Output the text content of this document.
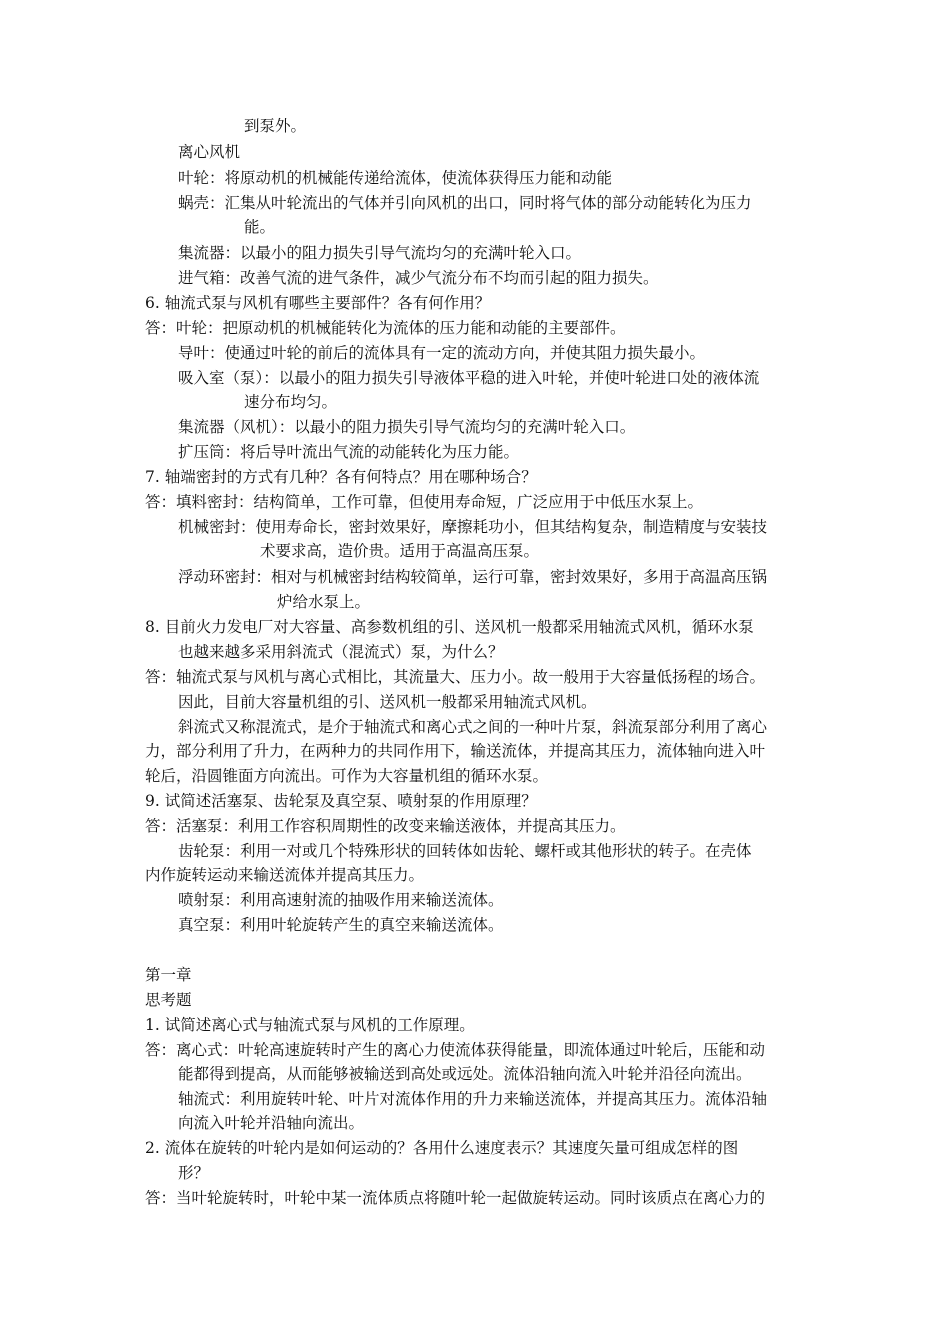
到泵外。
离心风机
叶轮：将原动机的机械能传递给流体，使流体获得压力能和动能
蜗壳：汇集从叶轮流出的气体并引向风机的出口，同时将气体的部分动能转化为压力
能。
集流器：以最小的阻力损失引导气流均匀的充满叶轮入口。
进气箱：改善气流的进气条件，减少气流分布不均而引起的阻力损失。
6. 轴流式泵与风机有哪些主要部件？各有何作用？
答：叶轮：把原动机的机械能转化为流体的压力能和动能的主要部件。
导叶：使通过叶轮的前后的流体具有一定的流动方向，并使其阻力损失最小。
吸入室（泵）：以最小的阻力损失引导液体平稳的进入叶轮，并使叶轮进口处的液体流
速分布均匀。
集流器（风机）：以最小的阻力损失引导气流均匀的充满叶轮入口。
扩压筒：将后导叶流出气流的动能转化为压力能。
7. 轴端密封的方式有几种？各有何特点？用在哪种场合？
答：填料密封：结构简单，工作可靠，但使用寿命短，广泛应用于中低压水泵上。
机械密封：使用寿命长，密封效果好，摩擦耗功小，但其结构复杂，制造精度与安装技
术要求高，造价贵。适用于高温高压泵。
浮动环密封：相对与机械密封结构较简单，运行可靠，密封效果好，多用于高温高压锅
炉给水泵上。
8. 目前火力发电厂对大容量、高参数机组的引、送风机一般都采用轴流式风机，循环水泵
也越来越多采用斜流式（混流式）泵，为什么？
答：轴流式泵与风机与离心式相比，其流量大、压力小。故一般用于大容量低扬程的场合。
因此，目前大容量机组的引、送风机一般都采用轴流式风机。
斜流式又称混流式，是介于轴流式和离心式之间的一种叶片泵，斜流泵部分利用了离心
力，部分利用了升力，在两种力的共同作用下，输送流体，并提高其压力，流体轴向进入叶
轮后，沿圆锥面方向流出。可作为大容量机组的循环水泵。
9. 试简述活塞泵、齿轮泵及真空泵、喷射泵的作用原理？
答：活塞泵：利用工作容积周期性的改变来输送液体，并提高其压力。
齿轮泵：利用一对或几个特殊形状的回转体如齿轮、螺杆或其他形状的转子。在壳体
内作旋转运动来输送流体并提高其压力。
喷射泵：利用高速射流的抽吸作用来输送流体。
真空泵：利用叶轮旋转产生的真空来输送流体。
第一章
思考题
1. 试简述离心式与轴流式泵与风机的工作原理。
答：离心式：叶轮高速旋转时产生的离心力使流体获得能量，即流体通过叶轮后，压能和动
能都得到提高，从而能够被输送到高处或远处。流体沿轴向流入叶轮并沿径向流出。
轴流式：利用旋转叶轮、叶片对流体作用的升力来输送流体，并提高其压力。流体沿轴
向流入叶轮并沿轴向流出。
2. 流体在旋转的叶轮内是如何运动的？各用什么速度表示？其速度矢量可组成怎样的图
形？
答：当叶轮旋转时，叶轮中某一流体质点将随叶轮一起做旋转运动。同时该质点在离心力的
